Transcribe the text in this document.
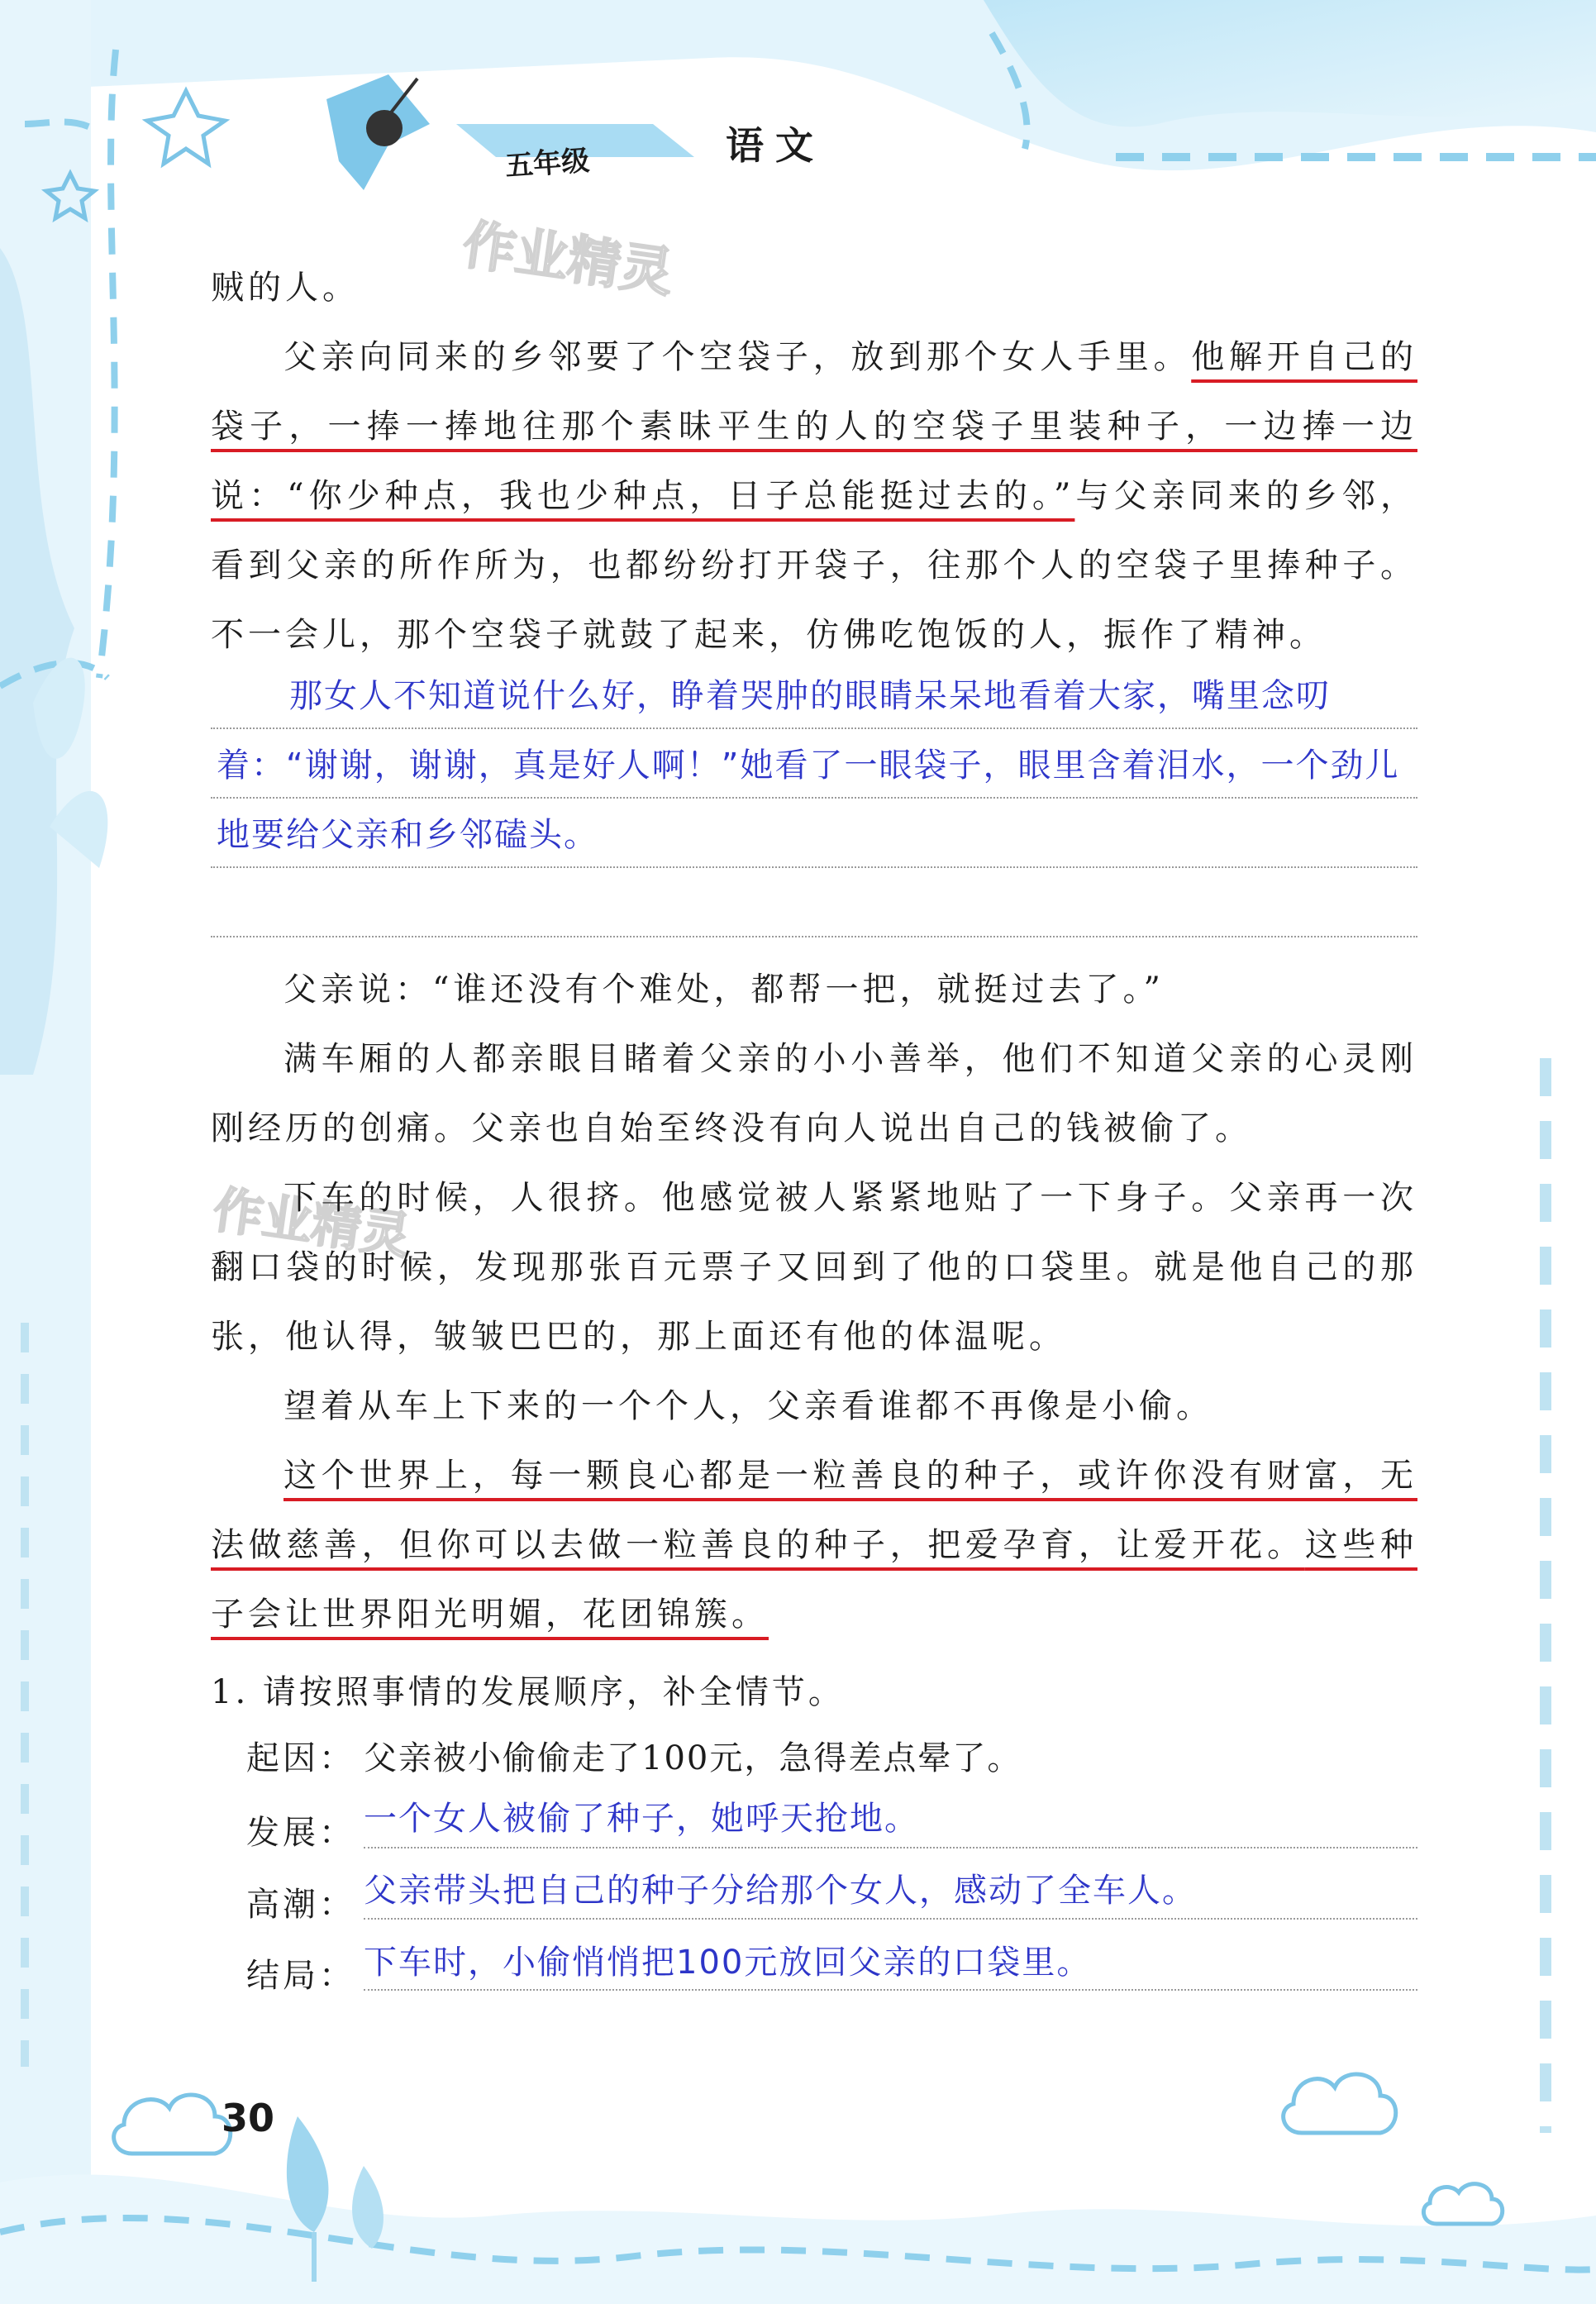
五年级	语文
作业精灵
作业精灵

贼的人。

父亲向同来的乡邻要了个空袋子，放到那个女人手里。他解开自己的袋子，一捧一捧地往那个素昧平生的人的空袋子里装种子，一边捧一边说：“你少种点，我也少种点，日子总能挺过去的。”与父亲同来的乡邻，看到父亲的所作所为，也都纷纷打开袋子，往那个人的空袋子里捧种子。不一会儿，那个空袋子就鼓了起来，仿佛吃饱饭的人，振作了精神。

那女人不知道说什么好，睁着哭肿的眼睛呆呆地看着大家，嘴里念叨着：“谢谢，谢谢，真是好人啊！”她看了一眼袋子，眼里含着泪水，一个劲儿地要给父亲和乡邻磕头。

父亲说：“谁还没有个难处，都帮一把，就挺过去了。”

满车厢的人都亲眼目睹着父亲的小小善举，他们不知道父亲的心灵刚刚经历的创痛。父亲也自始至终没有向人说出自己的钱被偷了。

下车的时候，人很挤。他感觉被人紧紧地贴了一下身子。父亲再一次翻口袋的时候，发现那张百元票子又回到了他的口袋里。就是他自己的那张，他认得，皱皱巴巴的，那上面还有他的体温呢。

望着从车上下来的一个个人，父亲看谁都不再像是小偷。

这个世界上，每一颗良心都是一粒善良的种子，或许你没有财富，无法做慈善，但你可以去做一粒善良的种子，把爱孕育，让爱开花。这些种子会让世界阳光明媚，花团锦簇。

1. 请按照事情的发展顺序，补全情节。
起因： 父亲被小偷偷走了100元，急得差点晕了。
发展： 一个女人被偷了种子，她呼天抢地。
高潮： 父亲带头把自己的种子分给那个女人，感动了全车人。
结局： 下车时，小偷悄悄把100元放回父亲的口袋里。
30
